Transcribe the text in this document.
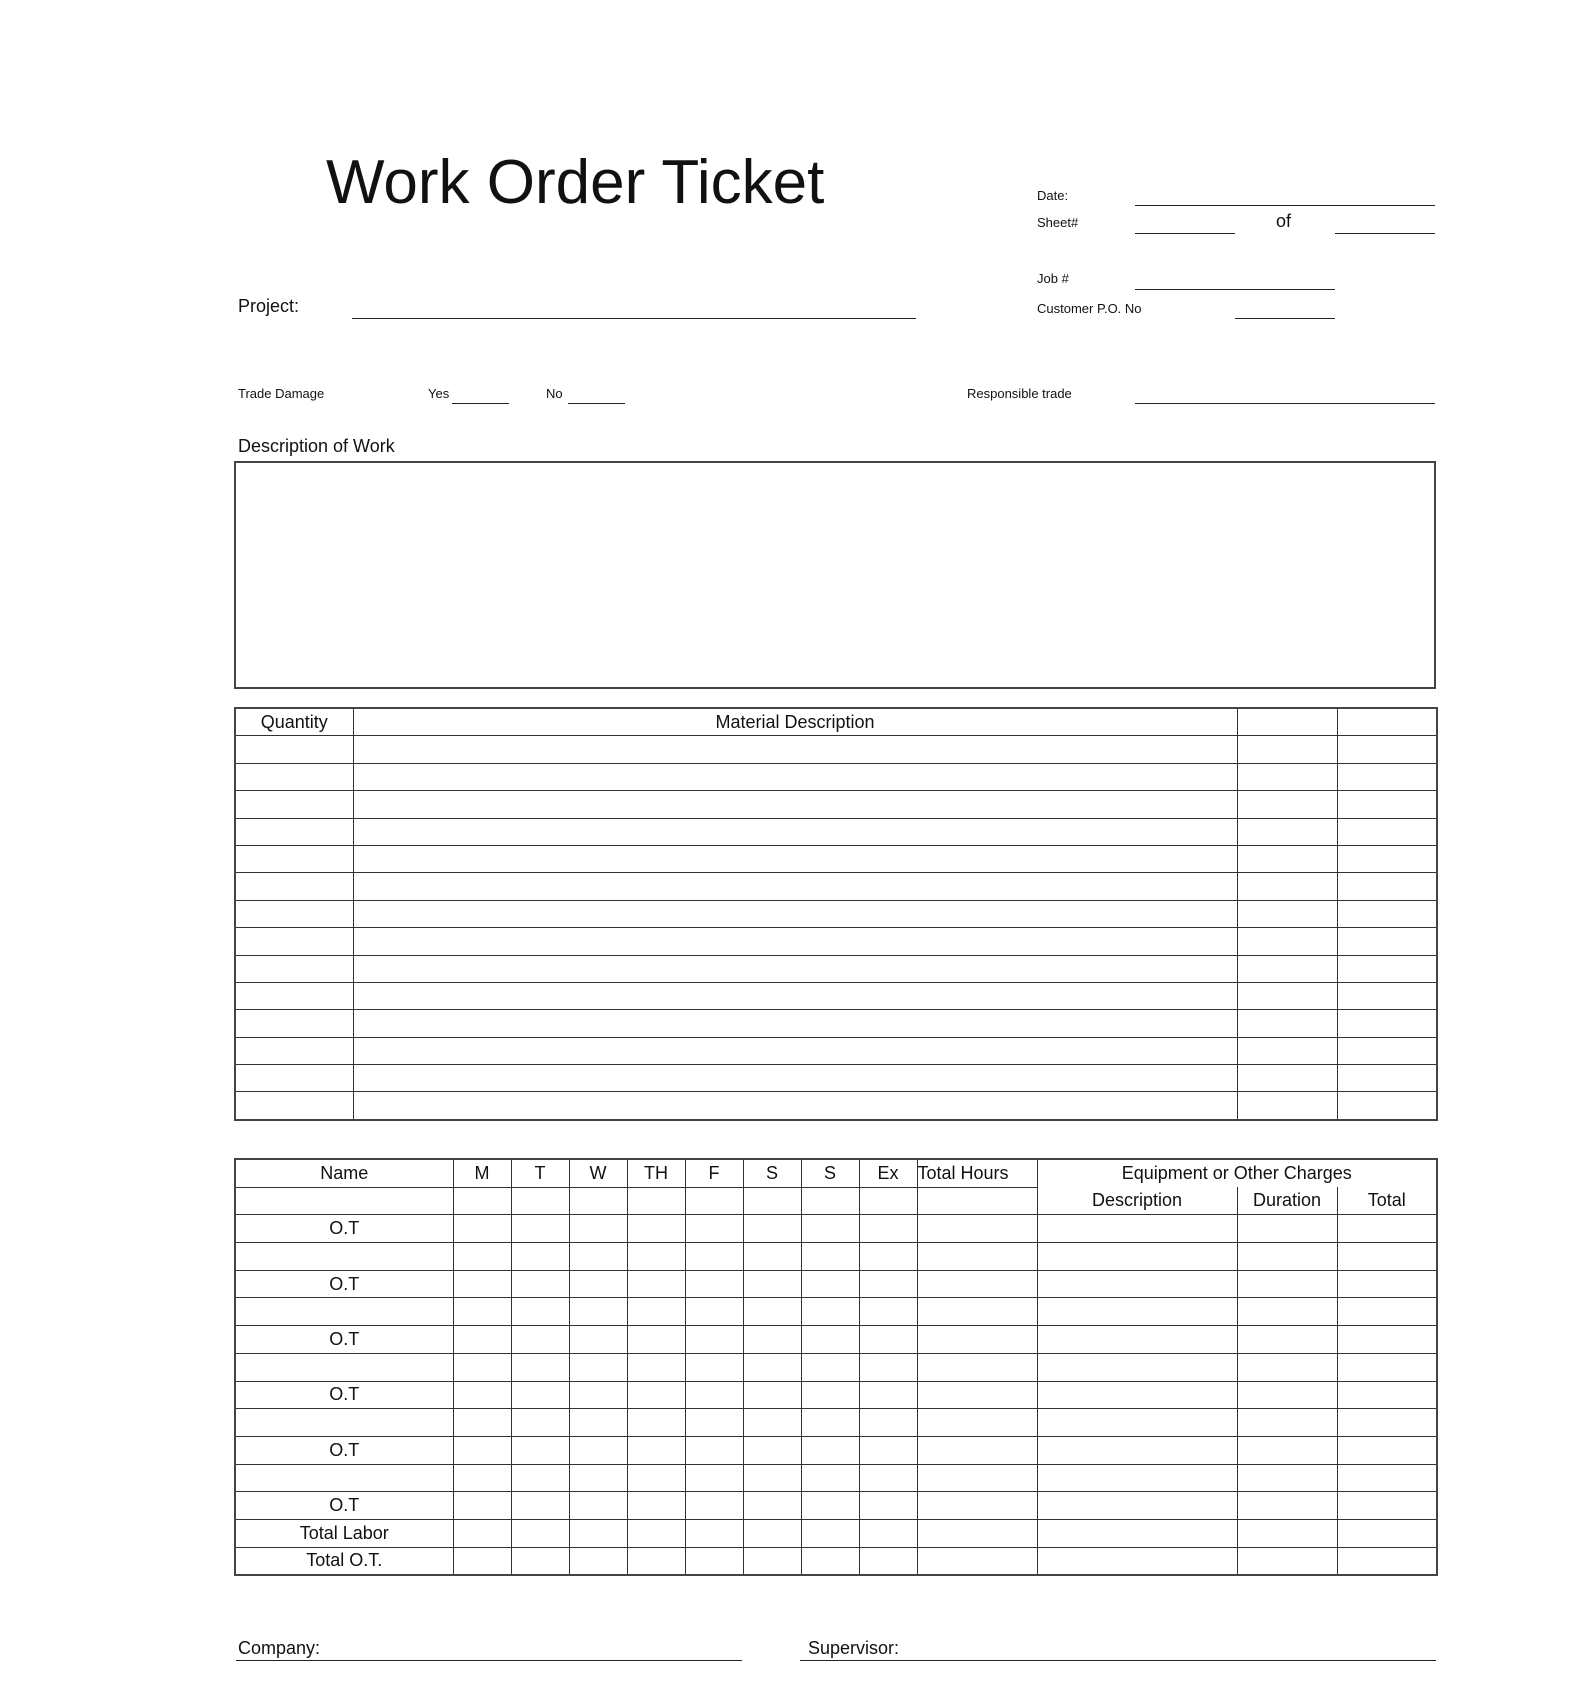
Work Order Ticket	Date:
Sheet#	of
Job #
Customer P.O. No
Project:
Trade Damage	Yes	No	Responsible trade
Description of Work
Quantity	Material Description		

Name	M	T	W	TH	F	S	S	Ex	Total Hours	Equipment or Other Charges		
										Description	Duration	Total
O.T												

O.T												

O.T												

O.T												

O.T												

O.T												
Total Labor												
Total O.T.												
Company:	Supervisor:
